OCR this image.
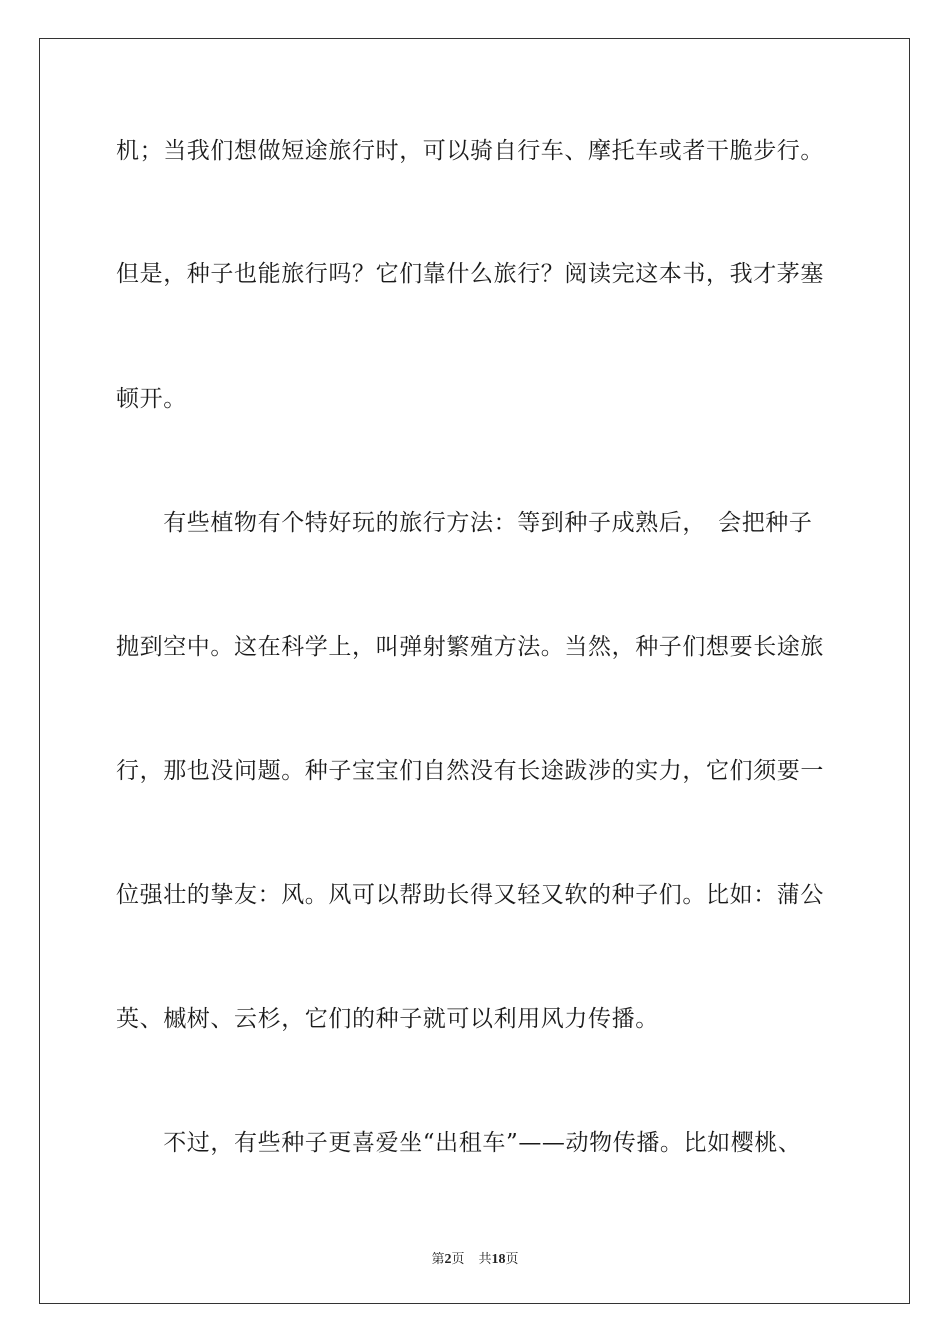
机；当我们想做短途旅行时，可以骑自行车、摩托车或者干脆步行。
但是，种子也能旅行吗？它们靠什么旅行？阅读完这本书，我才茅塞
顿开。
　　有些植物有个特好玩的旅行方法：等到种子成熟后，　会把种子
抛到空中。这在科学上，叫弹射繁殖方法。当然，种子们想要长途旅
行，那也没问题。种子宝宝们自然没有长途跋涉的实力，它们须要一
位强壮的挚友：风。风可以帮助长得又轻又软的种子们。比如：蒲公
英、槭树、云杉，它们的种子就可以利用风力传播。
　　不过，有些种子更喜爱坐“出租车”——动物传播。比如樱桃、
第2页 共18页
